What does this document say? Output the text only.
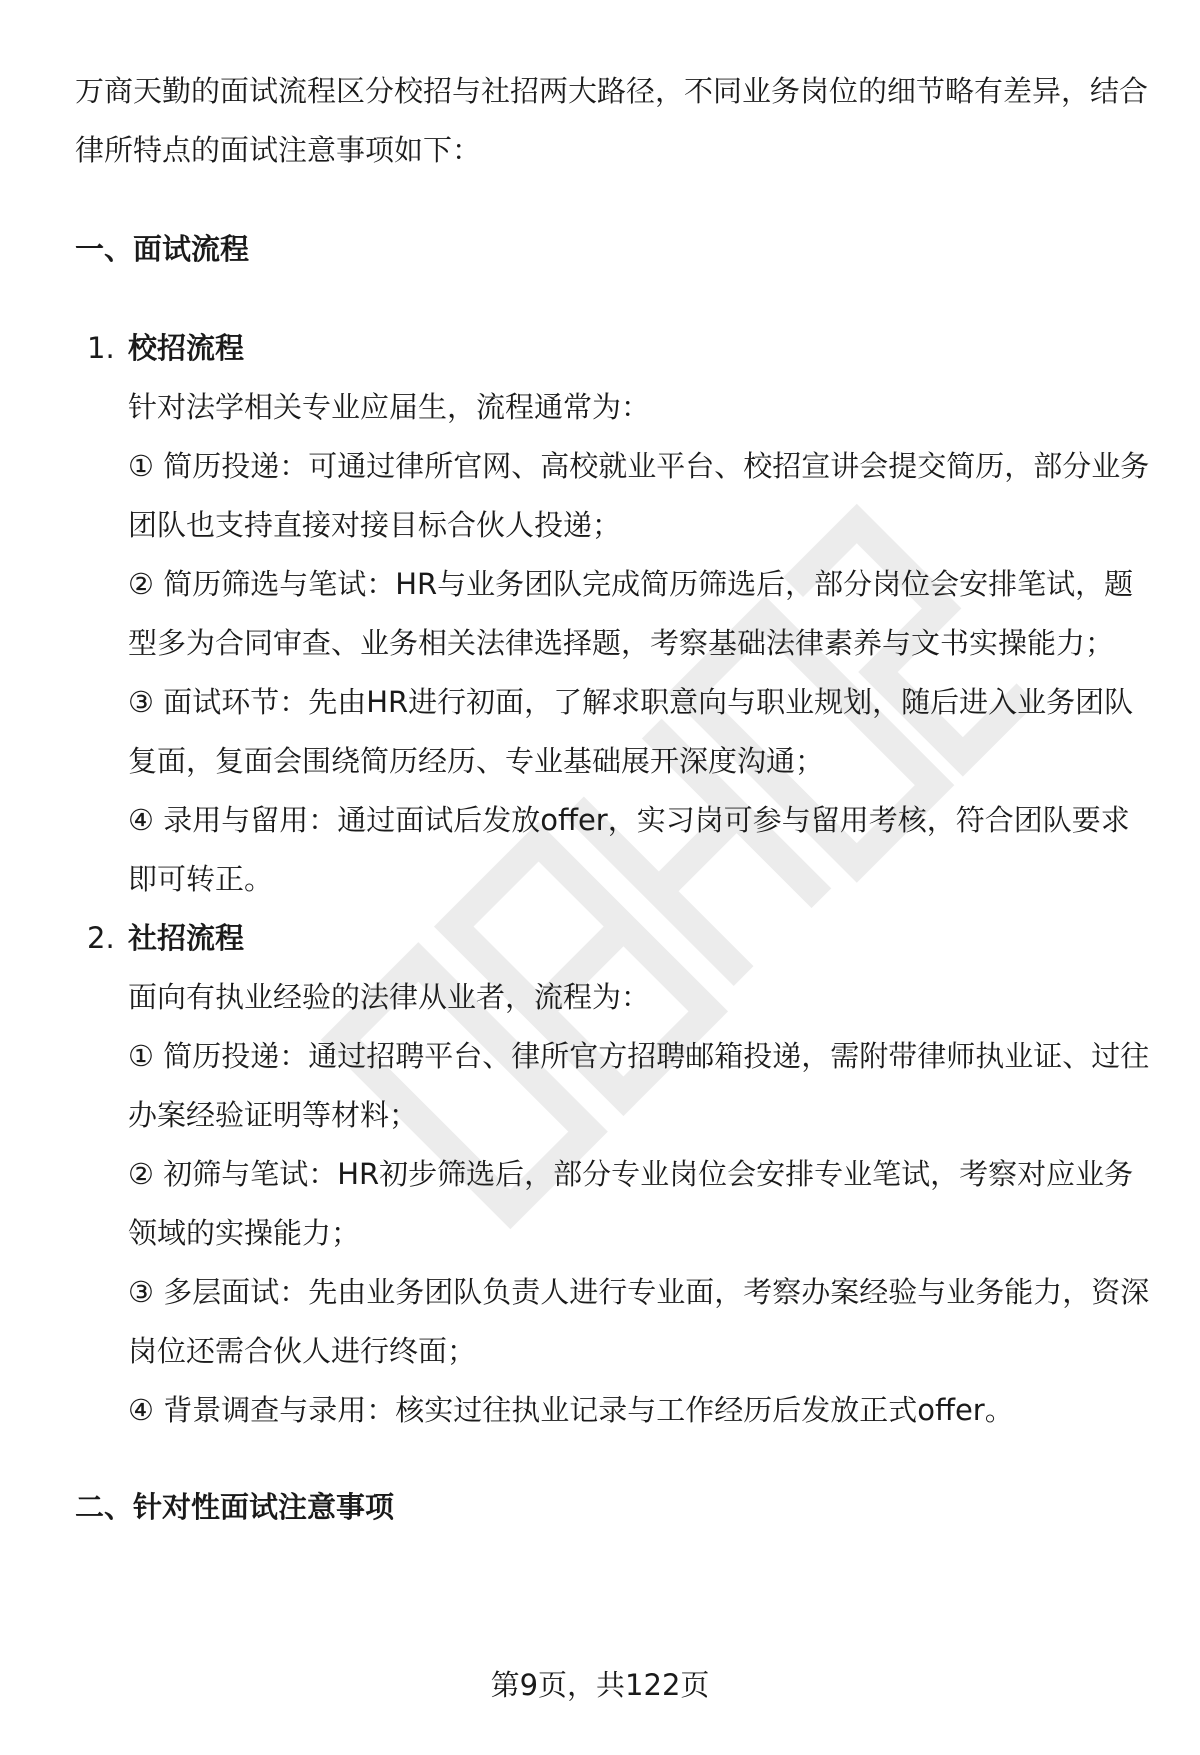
万商天勤的面试流程区分校招与社招两大路径，不同业务岗位的细节略有差异，结合律所特点的面试注意事项如下：

一、面试流程

1. 校招流程

针对法学相关专业应届生，流程通常为：

① 简历投递：可通过律所官网、高校就业平台、校招宣讲会提交简历，部分业务团队也支持直接对接目标合伙人投递；

② 简历筛选与笔试：HR与业务团队完成简历筛选后，部分岗位会安排笔试，题型多为合同审查、业务相关法律选择题，考察基础法律素养与文书实操能力；

③ 面试环节：先由HR进行初面，了解求职意向与职业规划，随后进入业务团队复面，复面会围绕简历经历、专业基础展开深度沟通；

④ 录用与留用：通过面试后发放offer，实习岗可参与留用考核，符合团队要求即可转正。

2. 社招流程

面向有执业经验的法律从业者，流程为：

① 简历投递：通过招聘平台、律所官方招聘邮箱投递，需附带律师执业证、过往办案经验证明等材料；

② 初筛与笔试：HR初步筛选后，部分专业岗位会安排专业笔试，考察对应业务领域的实操能力；

③ 多层面试：先由业务团队负责人进行专业面，考察办案经验与业务能力，资深岗位还需合伙人进行终面；

④ 背景调查与录用：核实过往执业记录与工作经历后发放正式offer。

二、针对性面试注意事项

第9页，共122页
